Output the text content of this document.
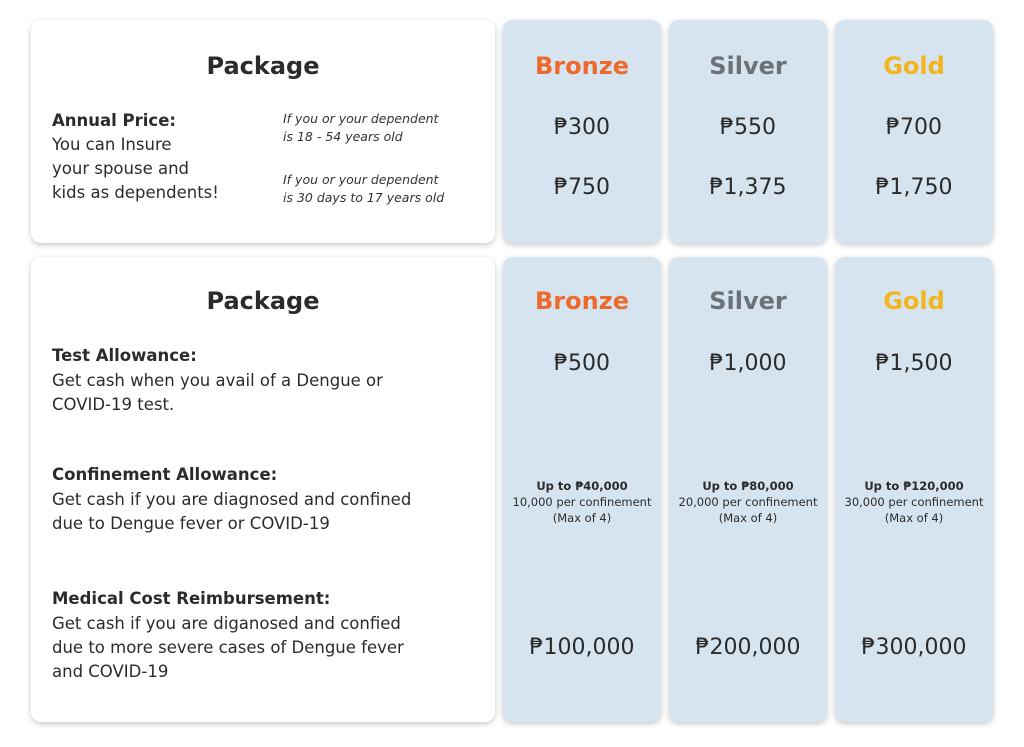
Package
Annual Price:
You can Insure
your spouse and
kids as dependents!
If you or your dependent
is 18 - 54 years old
If you or your dependent
is 30 days to 17 years old
Bronze
₱300
₱750
Silver
₱550
₱1,375
Gold
₱700
₱1,750
Package
Test Allowance:
Get cash when you avail of a Dengue or
COVID-19 test.
Confinement Allowance:
Get cash if you are diagnosed and confined
due to Dengue fever or COVID-19
Medical Cost Reimbursement:
Get cash if you are diganosed and confied
due to more severe cases of Dengue fever
and COVID-19
Bronze
₱500
Up to ₱40,000
10,000 per confinement
(Max of 4)
₱100,000
Silver
₱1,000
Up to ₱80,000
20,000 per confinement
(Max of 4)
₱200,000
Gold
₱1,500
Up to ₱120,000
30,000 per confinement
(Max of 4)
₱300,000
